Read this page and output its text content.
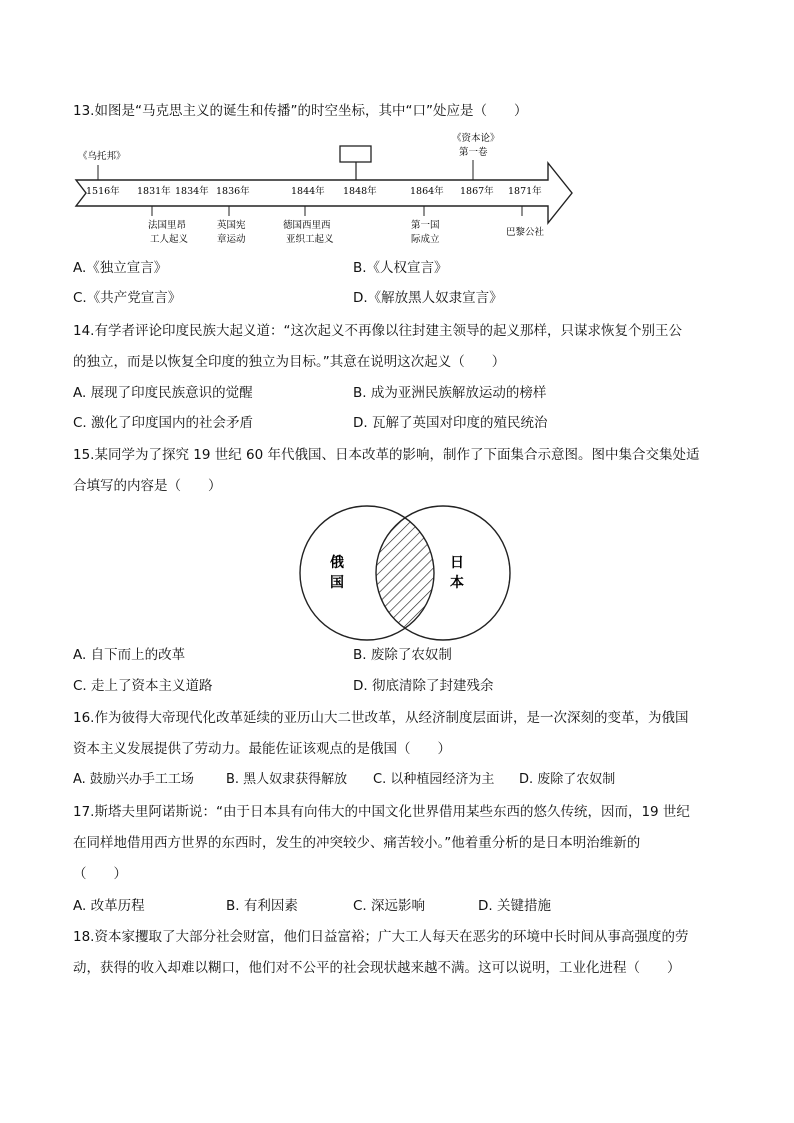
13.如图是“马克思主义的诞生和传播”的时空坐标，其中“口”处应是（　　）
《乌托邦》
《资本论》
第一卷
1516年 1831年 1834年 1836年	1844年 1848年	1864年 1867年 1871年
法国里昂
工人起义
英国宪
章运动
德国西里西
亚织工起义
第一国
际成立
巴黎公社
A.《独立宣言》	B.《人权宣言》
C.《共产党宣言》	D.《解放黑人奴隶宣言》
14.有学者评论印度民族大起义道：“这次起义不再像以往封建主领导的起义那样，只谋求恢复个别王公
的独立，而是以恢复全印度的独立为目标。”其意在说明这次起义（　　）
A. 展现了印度民族意识的觉醒	B. 成为亚洲民族解放运动的榜样
C. 激化了印度国内的社会矛盾	D. 瓦解了英国对印度的殖民统治
15.某同学为了探究 19 世纪 60 年代俄国、日本改革的影响，制作了下面集合示意图。图中集合交集处适
合填写的内容是（　　）
俄
国
日
本
A. 自下而上的改革	B. 废除了农奴制
C. 走上了资本主义道路	D. 彻底清除了封建残余
16.作为彼得大帝现代化改革延续的亚历山大二世改革，从经济制度层面讲，是一次深刻的变革，为俄国
资本主义发展提供了劳动力。最能佐证该观点的是俄国（　　）
A. 鼓励兴办手工工场 B. 黑人奴隶获得解放 C. 以种植园经济为主 D. 废除了农奴制
17.斯塔夫里阿诺斯说：“由于日本具有向伟大的中国文化世界借用某些东西的悠久传统，因而，19 世纪
在同样地借用西方世界的东西时，发生的冲突较少、痛苦较小。”他着重分析的是日本明治维新的
（　　）
A. 改革历程	B. 有利因素	C. 深远影响	D. 关键措施
18.资本家攫取了大部分社会财富，他们日益富裕；广大工人每天在恶劣的环境中长时间从事高强度的劳
动，获得的收入却难以糊口，他们对不公平的社会现状越来越不满。这可以说明，工业化进程（　　）
